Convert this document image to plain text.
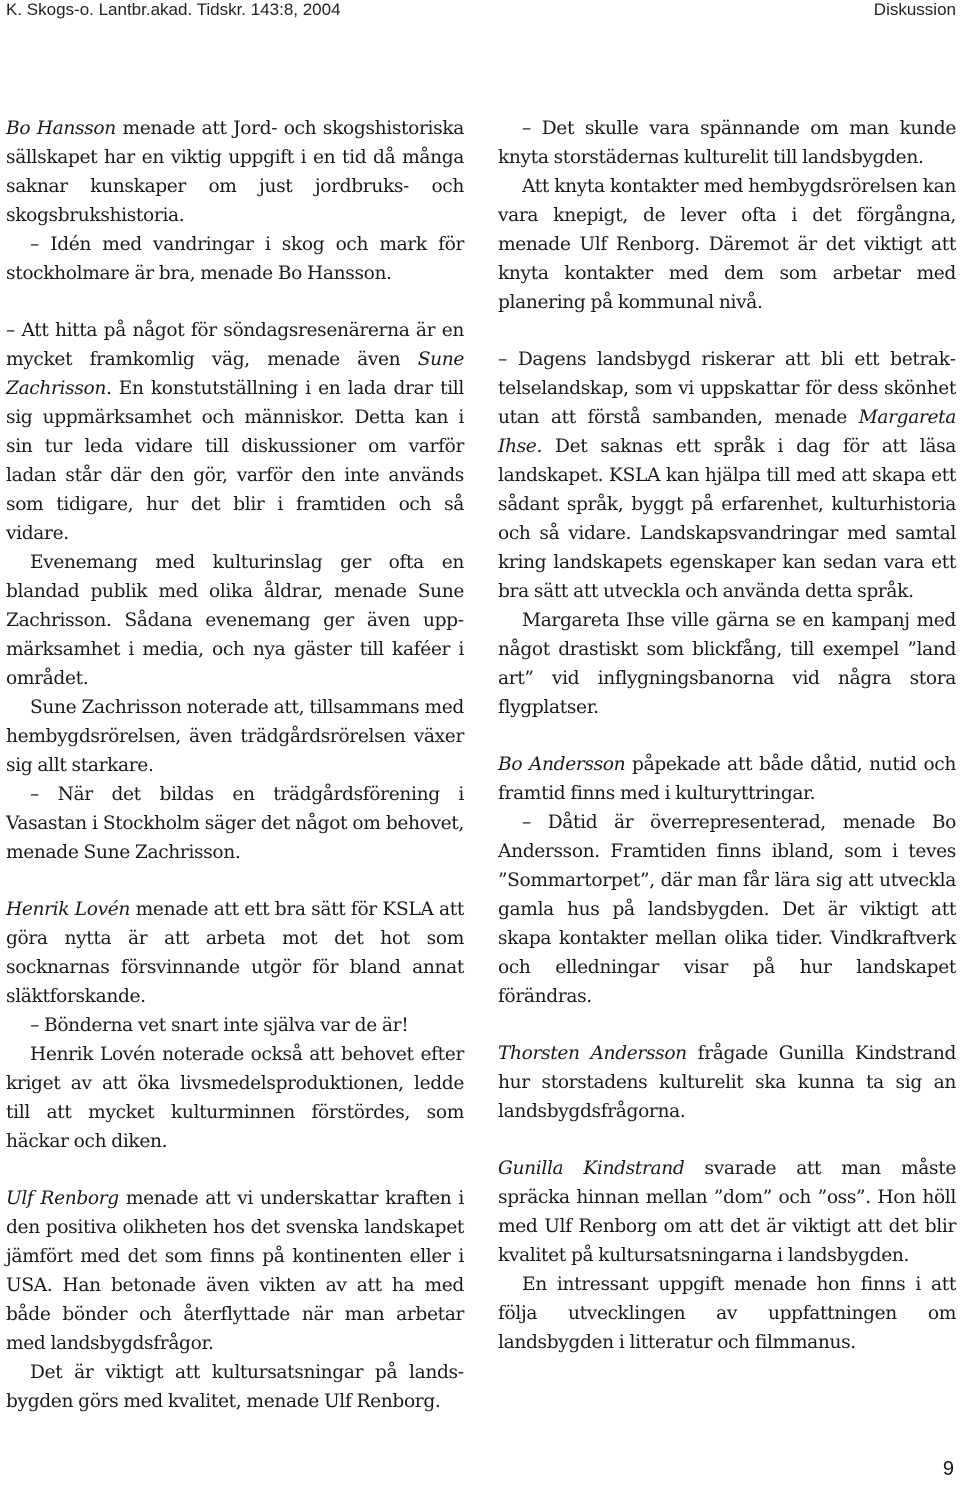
K. Skogs-o. Lantbr.akad. Tidskr. 143:8, 2004	Diskussion

Bo Hansson menade att Jord- och skogshistoriska sällskapet har en viktig uppgift i en tid då många saknar kunskaper om just jordbruks- och skogsbrukshistoria.

– Idén med vandringar i skog och mark för stockholmare är bra, menade Bo Hansson.

– Att hitta på något för söndagsresenärerna är en mycket framkomlig väg, menade även Sune Zachrisson. En konstutställning i en lada drar till sig uppmärksamhet och människor. Detta kan i sin tur leda vidare till diskussioner om varför ladan står där den gör, varför den inte används som tidigare, hur det blir i framtiden och så vidare.

Evenemang med kulturinslag ger ofta en blandad publik med olika åldrar, menade Sune Zachrisson. Sådana evenemang ger även uppmärksamhet i media, och nya gäster till kaféer i området.

Sune Zachrisson noterade att, tillsammans med hembygdsrörelsen, även trädgårdsrörelsen växer sig allt starkare.

– När det bildas en trädgårdsförening i Vasastan i Stockholm säger det något om behovet, menade Sune Zachrisson.

Henrik Lovén menade att ett bra sätt för KSLA att göra nytta är att arbeta mot det hot som socknarnas försvinnande utgör för bland annat släktforskande.

– Bönderna vet snart inte själva var de är!

Henrik Lovén noterade också att behovet efter kriget av att öka livsmedelsproduktionen, ledde till att mycket kulturminnen förstördes, som häckar och diken.

Ulf Renborg menade att vi underskattar kraften i den positiva olikheten hos det svenska landskapet jämfört med det som finns på kontinenten eller i USA. Han betonade även vikten av att ha med både bönder och återflyttade när man arbetar med landsbygdsfrågor.

Det är viktigt att kultursatsningar på landsbygden görs med kvalitet, menade Ulf Renborg.

– Det skulle vara spännande om man kunde knyta storstädernas kulturelit till landsbygden.

Att knyta kontakter med hembygdsrörelsen kan vara knepigt, de lever ofta i det förgångna, menade Ulf Renborg. Däremot är det viktigt att knyta kontakter med dem som arbetar med planering på kommunal nivå.

– Dagens landsbygd riskerar att bli ett betraktelselandskap, som vi uppskattar för dess skönhet utan att förstå sambanden, menade Margareta Ihse. Det saknas ett språk i dag för att läsa landskapet. KSLA kan hjälpa till med att skapa ett sådant språk, byggt på erfarenhet, kulturhistoria och så vidare. Landskapsvandringar med samtal kring landskapets egenskaper kan sedan vara ett bra sätt att utveckla och använda detta språk.

Margareta Ihse ville gärna se en kampanj med något drastiskt som blickfång, till exempel ”land art” vid inflygningsbanorna vid några stora flygplatser.

Bo Andersson påpekade att både dåtid, nutid och framtid finns med i kulturyttringar.

– Dåtid är överrepresenterad, menade Bo Andersson. Framtiden finns ibland, som i teves ”Sommartorpet”, där man får lära sig att utveckla gamla hus på landsbygden. Det är viktigt att skapa kontakter mellan olika tider. Vindkraftverk och elledningar visar på hur landskapet förändras.

Thorsten Andersson frågade Gunilla Kindstrand hur storstadens kulturelit ska kunna ta sig an landsbygdsfrågorna.

Gunilla Kindstrand svarade att man måste spräcka hinnan mellan ”dom” och ”oss”. Hon höll med Ulf Renborg om att det är viktigt att det blir kvalitet på kultursatsningarna i landsbygden.

En intressant uppgift menade hon finns i att följa utvecklingen av uppfattningen om landsbygden i litteratur och filmmanus.

9
